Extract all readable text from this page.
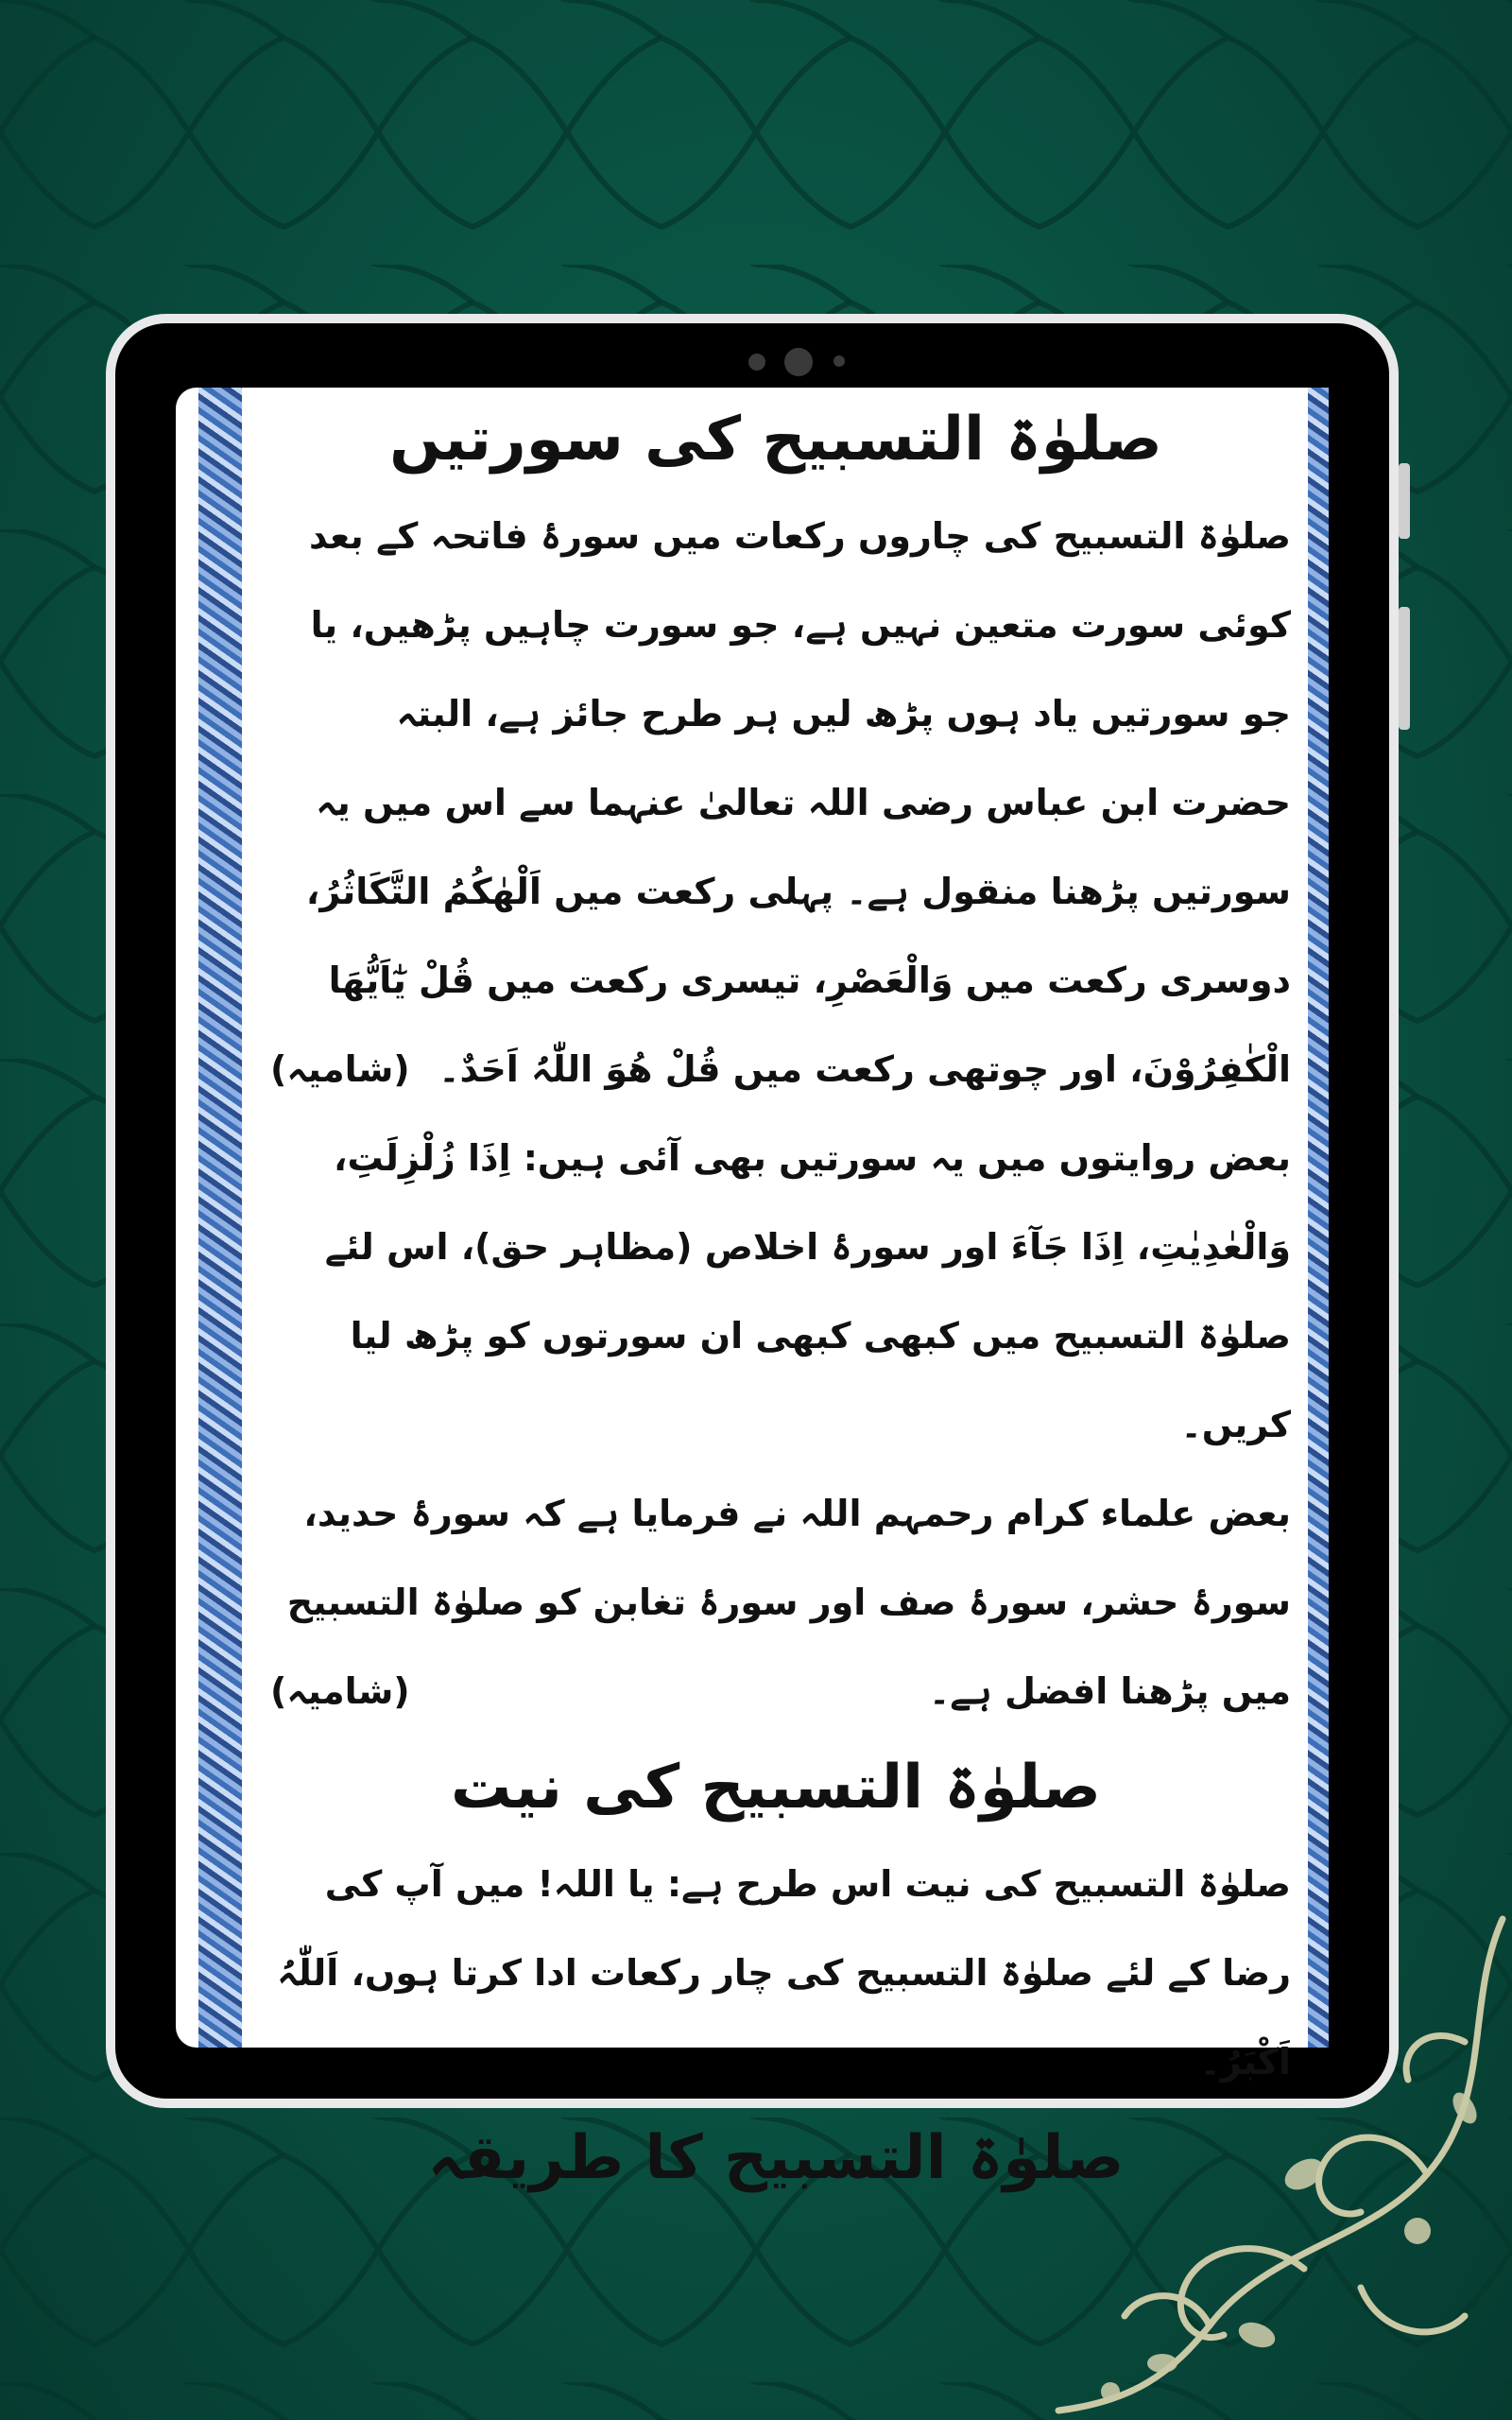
صلوٰۃ التسبیح کی سورتیں

صلوٰۃ التسبیح کی چاروں رکعات میں سورۂ فاتحہ کے بعد کوئی سورت متعین نہیں ہے، جو سورت چاہیں پڑھیں، یا جو سورتیں یاد ہوں پڑھ لیں ہر طرح جائز ہے، البتہ حضرت ابن عباس رضی اللہ تعالیٰ عنہما سے اس میں یہ سورتیں پڑھنا منقول ہے۔ پہلی رکعت میں اَلْھٰکُمُ التَّکَاثُرُ، دوسری رکعت میں وَالْعَصْرِ، تیسری رکعت میں قُلْ یٰٓاَیُّھَا الْکٰفِرُوْنَ، اور چوتھی رکعت میں قُلْ ھُوَ اللّٰہُ اَحَدٌ۔
(شامیہ)

بعض روایتوں میں یہ سورتیں بھی آئی ہیں: اِذَا زُلْزِلَتِ، وَالْعٰدِیٰتِ، اِذَا جَآءَ اور سورۂ اخلاص (مظاہر حق)، اس لئے صلوٰۃ التسبیح میں کبھی کبھی ان سورتوں کو پڑھ لیا کریں۔

بعض علماء کرام رحمہم اللہ نے فرمایا ہے کہ سورۂ حدید، سورۂ حشر، سورۂ صف اور سورۂ تغابن کو صلوٰۃ التسبیح میں پڑھنا افضل ہے۔
(شامیہ)

صلوٰۃ التسبیح کی نیت

صلوٰۃ التسبیح کی نیت اس طرح ہے: یا اللہ! میں آپ کی رضا کے لئے صلوٰۃ التسبیح کی چار رکعات ادا کرتا ہوں، اَللّٰہُ اَکْبَرُ۔

صلوٰۃ التسبیح کا طریقہ
